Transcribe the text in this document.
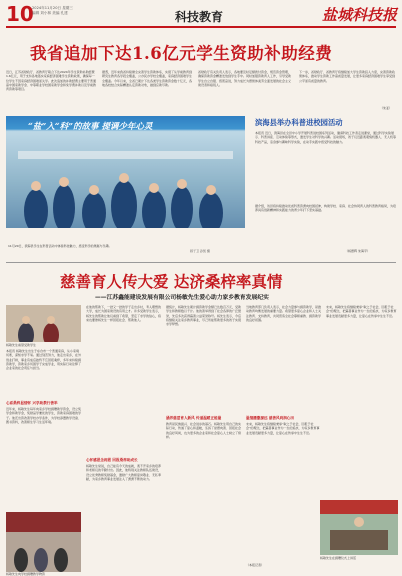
10
2024年11月20日 星期三
编辑 刘小林 美编 孔建	科技教育	盐城科技报
我省追加下达1.6亿元学生资助补助经费
近日，江苏省财政厅、省教育厅联合下达2024年学生资助补助经费1.6亿元，用于支持各地落实家庭经济困难学生资助政策，确保每一位学生不因家庭经济困难而失学。此次追加的补助经费主要用于普通高中国家助学金、中等职业学校国家助学金和免学费补助以及学前教育资助等项目。
据悉，近年来我省持续健全完善学生资助体系，实现了从学前教育到研究生教育各学段全覆盖，公办民办学校全覆盖，家庭经济困难学生全覆盖。今年以来，全省已累计下达各类学生资助资金数十亿元，各地各校结合实际精准认定资助对象，做到应助尽助。
省财政厅有关负责人表示，各地要及时足额拨付资金，规范资金管理，确保资助资金精准发放到学生手中。同时加强资助育人工作，引导受助学生自立自强、感恩奋进，努力成长为德智体美劳全面发展的社会主义建设者和接班人。
下一步，省财政厅、省教育厅将继续加大学生资助投入力度，完善资助政策体系，推动学生资助工作高质量发展，让更多家庭经济困难学生享受到公平而有质量的教育。
（朱亚）
“盐”入“科”的故事 提调少年心灵
11月20日，滨海县学生在科普活动中体验科技魅力，感受科学的奥秘与乐趣。
顾子卫 孙凯 摄
滨海县举办科普进校园活动
本报讯 近日，滨海县在全县中小学开展科普进校园系列活动，邀请科技工作者走进课堂，通过科学实验展示、科普讲座、互动体验等形式，激发学生对科学的兴趣。活动现场，孩子们近距离观察机器人、无人机等科技产品，亲身参与趣味科学实验，在动手实践中感受科技的魅力。
据介绍，该县将持续推动优质科普资源向校园延伸，构建学校、家庭、社会协同育人的科普教育格局，为培养具有创新精神和实践能力的青少年打下坚实基础。
（杨德辉 朱海平）
慈善育人传大爱 达济桑梓率真情
——江苏鑫能建设发展有限公司杨敏先生爱心助力家乡教育发展纪实
杨敏先生看望受助学生
本报讯 杨敏先生出生于东台市一个普通家庭，从小家境贫寒，深知求学不易。通过刻苦努力，他走出家乡，在外创业打拼，事业有成后始终不忘回报桑梓，多年来持续捐资助学，资助家乡贫困学子完成学业，用实际行动诠释了企业家的社会责任与担当。
心系桑梓显情怀 兴学助教行善举
近年来，杨敏先生每年向家乡学校捐赠助学资金，设立奖学金和助学金，奖励品学兼优的学生，资助家庭困难的学子。他还出资改善学校办学条件，为学校添置教学设备、图书资料，改善师生学习生活环境。
杨敏先生向学校捐赠教学物资
在他的帮助下，一批又一批的学子走出乡村，考入理想的大学，成长为国家建设的有用之才。许多受助学生表示，杨先生的帮助让他们看到了希望，坚定了求学的信心，将来也要像杨先生一样回报社会、帮助他人。
心怀感恩念师恩 回报桑梓助成长
杨敏先生常说，自己能有今天的成就，离不开家乡的培养和老师们的辛勤付出。因此，他特别关注教师队伍建设，设立优秀教师奖励基金，激励广大教师爱岗敬业、无私奉献，为家乡教育事业发展注入了源源不断的动力。
据统计，杨敏先生累计捐资助学金额已达数百万元，受助学生和教师数以千计。他的善举得到了社会各界的广泛赞誉，先后多次获得慈善公益荣誉称号。杨先生表示，今后将继续关注家乡教育事业，尽己所能帮助更多的孩子实现求学梦想。
涵养慈爱育人新风 传递温暖正能量
教育是民族振兴、社会进步的基石。杨敏先生用自己的实际行动，传递了爱心和温暖，弘扬了崇德向善、回报社会的良好风尚，也为更多的企业家和社会爱心人士树立了榜样。
当地教育部门负责人表示，社会力量参与捐资助学，是推动教育均衡发展的重要力量。希望更多爱心企业和人士关注教育、支持教育，共同营造全社会尊师重教、捐资助学的良好氛围。
温情播撒源远 慈善风尚润心田
未来，杨敏先生将继续秉承“取之于社会，回报于社会”的理念，把慈善事业作为一生的追求，为家乡教育事业发展贡献更多力量，让爱心在传承中生生不息。
（本报记者）
未来，杨敏先生将继续秉承“取之于社会，回报于社会”的理念，把慈善事业作为一生的追求，为家乡教育事业发展贡献更多力量，让爱心在传承中生生不息。
杨敏先生在捐赠仪式上讲话
